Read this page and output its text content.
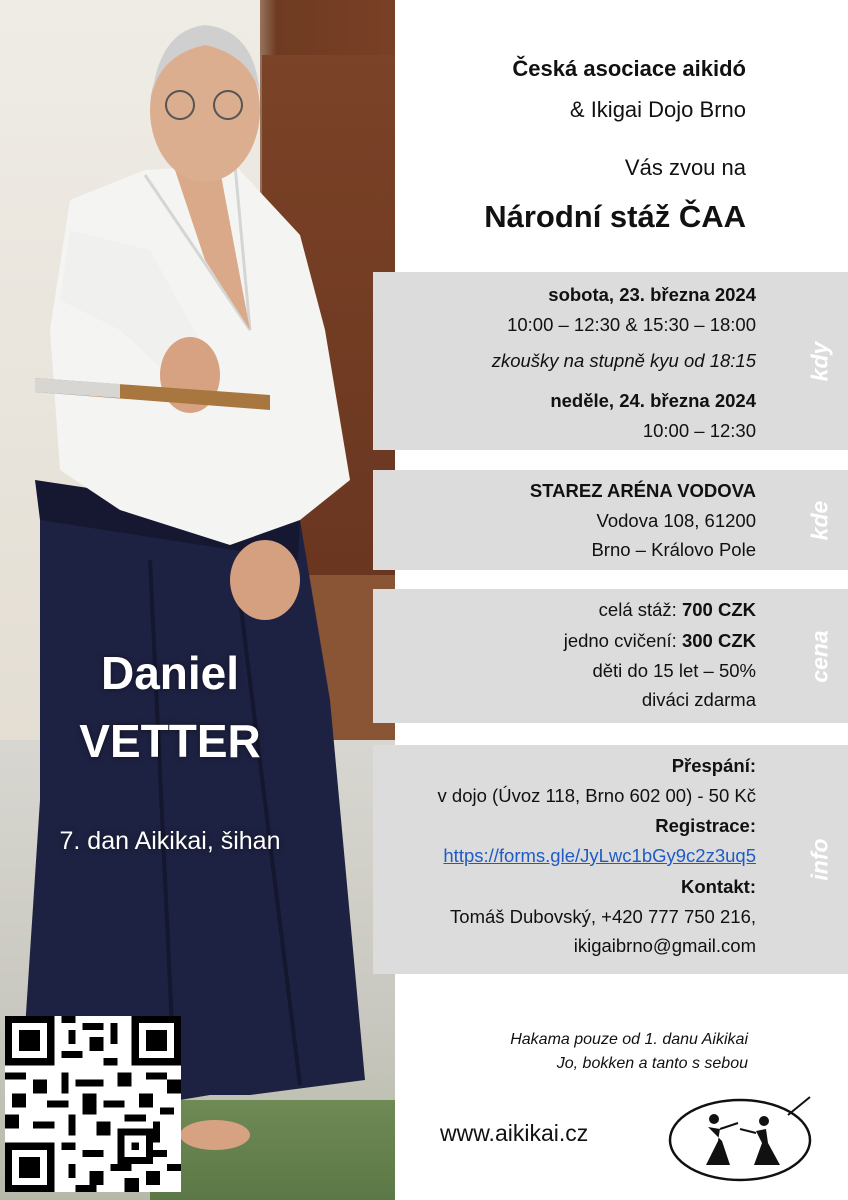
Daniel
VETTER
7. dan Aikikai, šihan
Česká asociace aikidó
& Ikigai Dojo Brno
Vás zvou na
Národní stáž ČAA
sobota, 23. března 2024
10:00 – 12:30 & 15:30 – 18:00
zkoušky na stupně kyu od 18:15
neděle, 24. března 2024
10:00 – 12:30
kdy
STAREZ ARÉNA VODOVA
Vodova 108, 61200
Brno – Královo Pole
kde
celá stáž: 700 CZK
jedno cvičení: 300 CZK
děti do 15 let – 50%
diváci zdarma
cena
Přespání:
v dojo (Úvoz 118, Brno 602 00) - 50 Kč
Registrace:
https://forms.gle/JyLwc1bGy9c2z3uq5
Kontakt:
Tomáš Dubovský, +420 777 750 216,
ikigaibrno@gmail.com
info
Hakama pouze od 1. danu Aikikai
Jo, bokken a tanto s sebou
www.aikikai.cz
